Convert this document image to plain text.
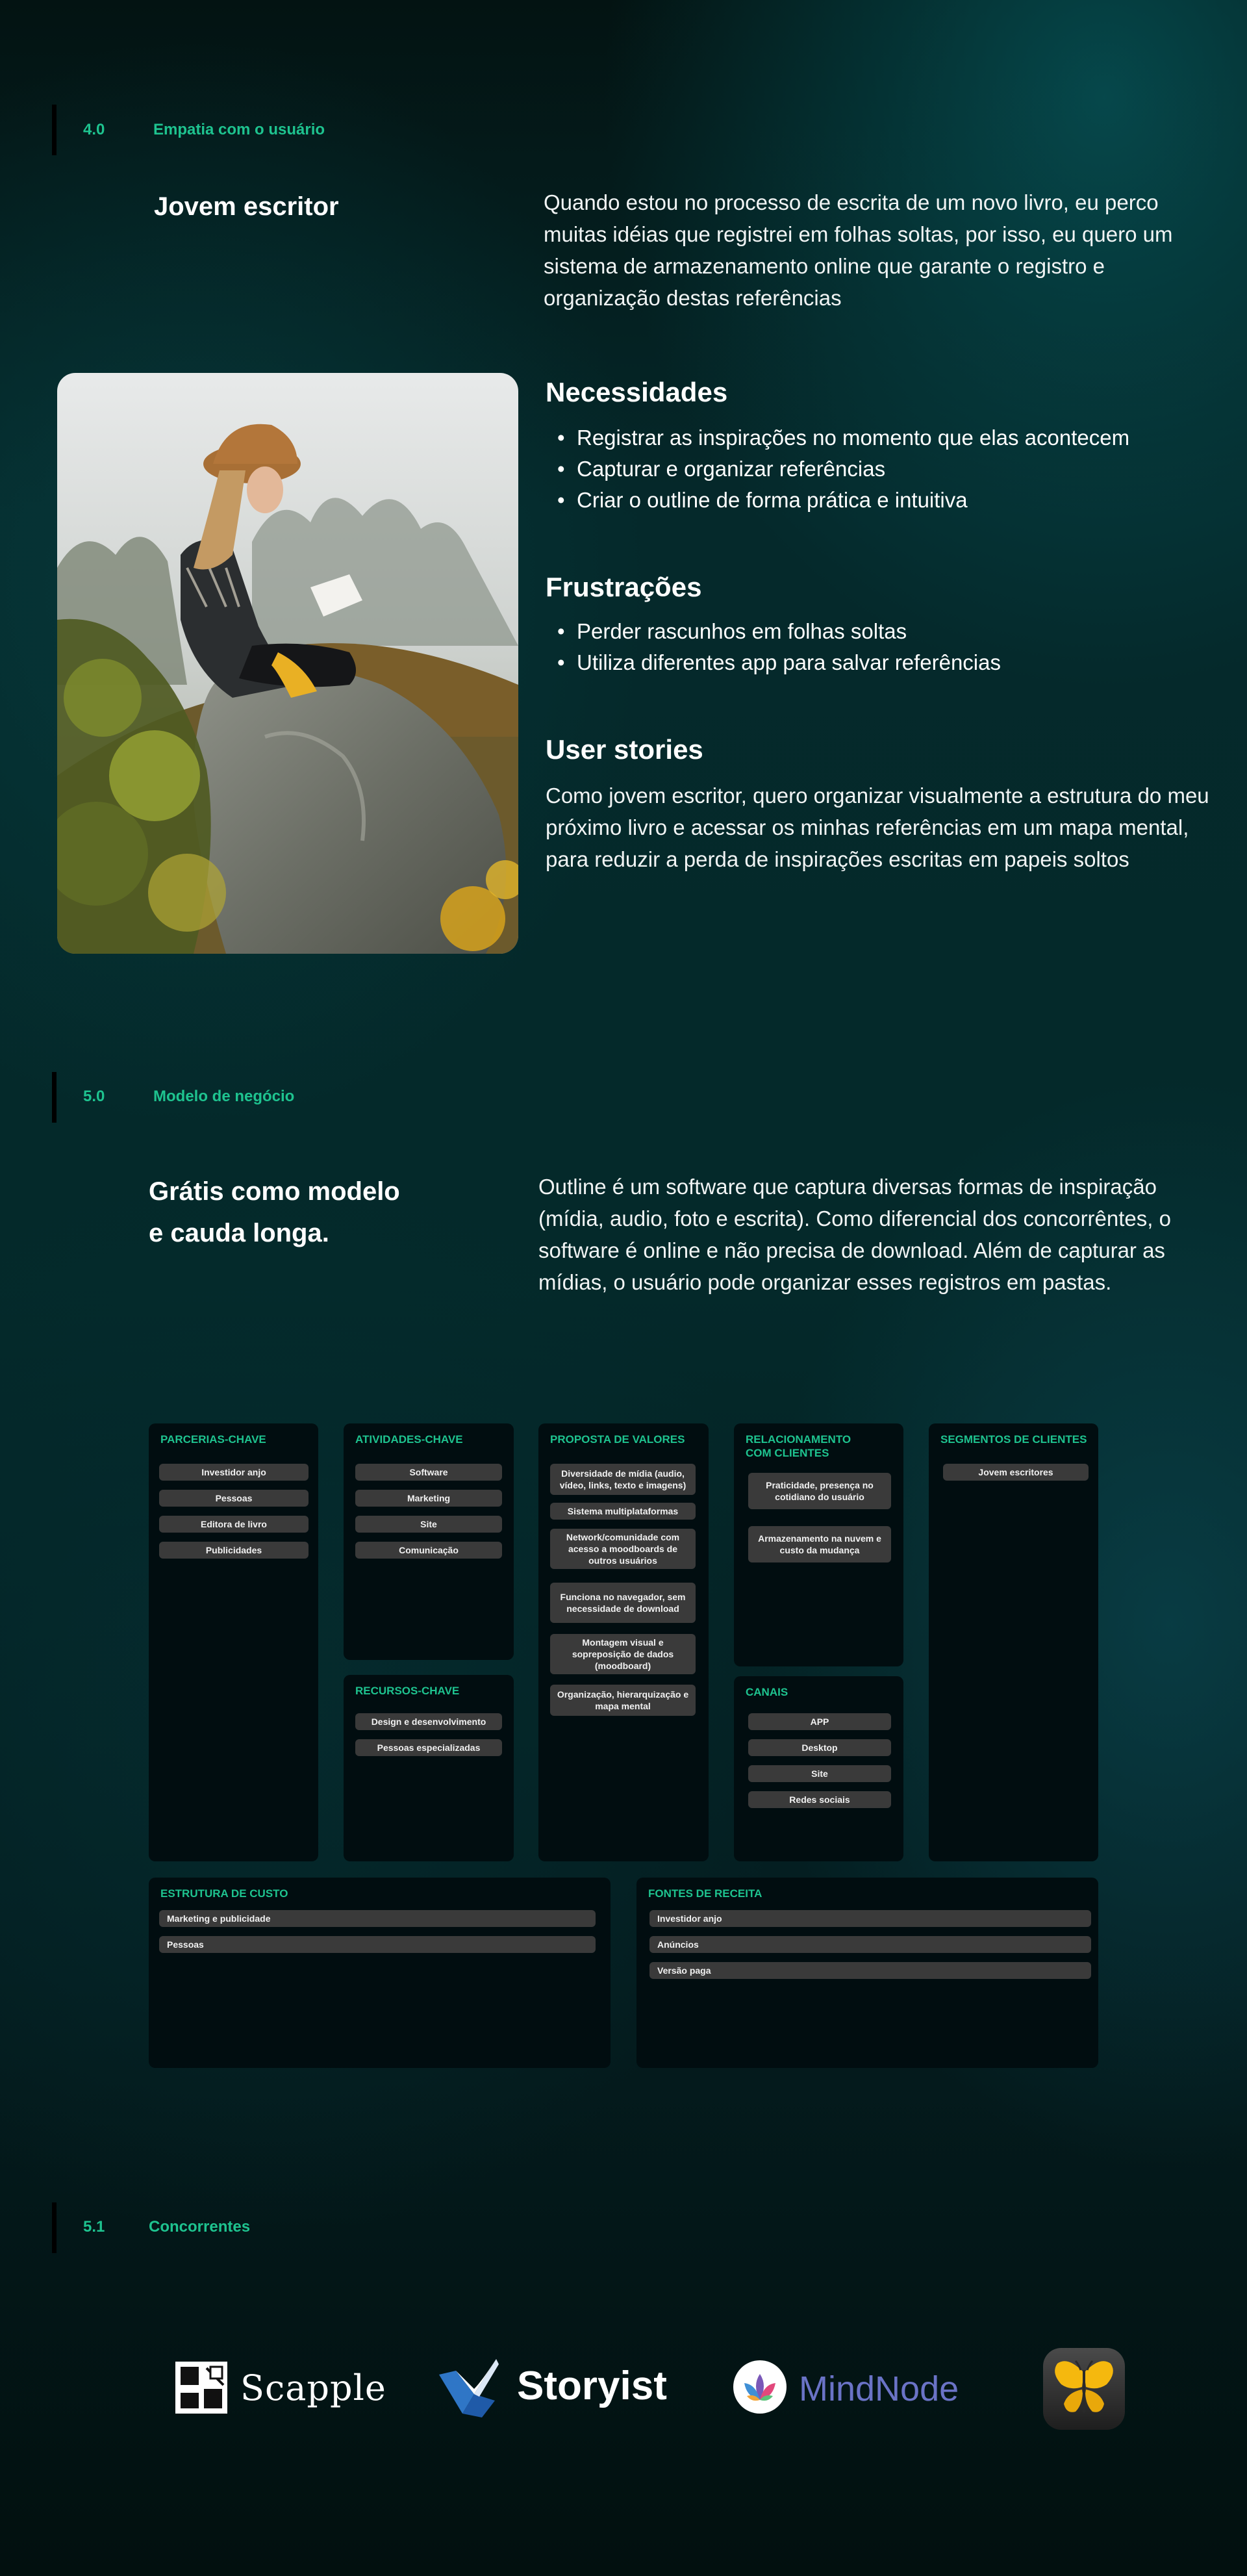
4.0	Empatia com o usuário
Jovem escritor	Quando estou no processo de escrita de um novo livro, eu perco muitas idéias que registrei em folhas soltas, por isso, eu quero um sistema de armazenamento online que garante o registro e organização destas referências
Necessidades
• Registrar as inspirações no momento que elas acontecem
• Capturar e organizar referências
• Criar o outline de forma prática e intuitiva
Frustrações
• Perder rascunhos em folhas soltas
• Utiliza diferentes app para salvar referências
User stories
Como jovem escritor, quero organizar visualmente a estrutura do meu próximo livro e acessar os minhas referências em um mapa mental, para reduzir a perda de inspirações escritas em papeis soltos
5.0	Modelo de negócio
Grátis como modelo
e cauda longa.
Outline é um software que captura diversas formas de inspiração (mídia, audio, foto e escrita). Como diferencial dos concorrêntes, o software é online e não precisa de download. Além de capturar as mídias, o usuário pode organizar esses registros em pastas.
PARCERIAS-CHAVE
Investidor anjo
Pessoas
Editora de livro
Publicidades
ATIVIDADES-CHAVE
Software
Marketing
Site
Comunicação
RECURSOS-CHAVE
Design e desenvolvimento
Pessoas especializadas
PROPOSTA DE VALORES
Diversidade de mídia (audio, vídeo, links, texto e imagens)
Sistema multiplataformas
Network/comunidade com acesso a moodboards de outros usuários
Funciona no navegador, sem necessidade de download
Montagem visual e sopreposição de dados (moodboard)
Organização, hierarquização e mapa mental
RELACIONAMENTO
COM CLIENTES
Praticidade, presença no cotidiano do usuário
Armazenamento na nuvem e custo da mudança
CANAIS
APP
Desktop
Site
Redes sociais
SEGMENTOS DE CLIENTES
Jovem escritores
ESTRUTURA DE CUSTO
Marketing e publicidade
Pessoas
FONTES DE RECEITA
Investidor anjo
Anúncios
Versão paga
5.1	Concorrentes
Scapple	Storyist	MindNode
